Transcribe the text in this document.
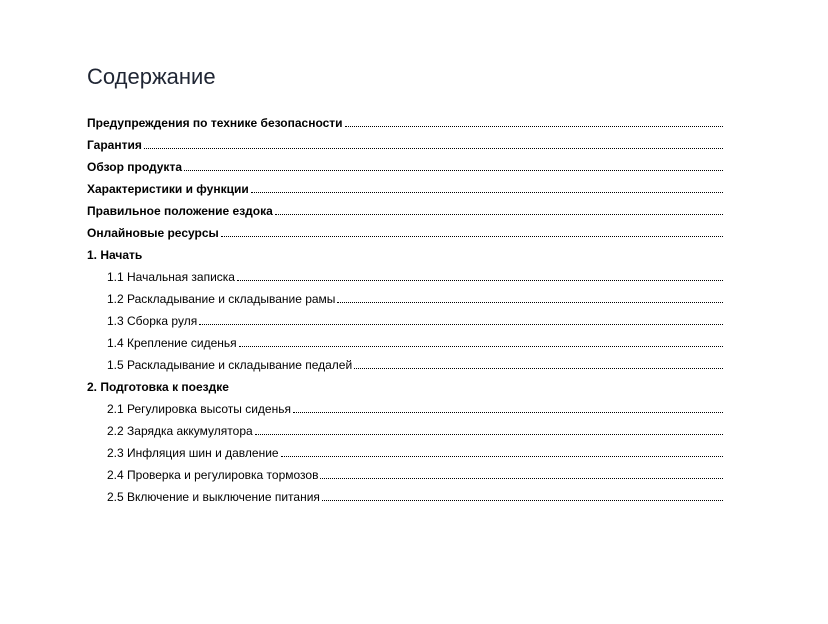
Содержание
Предупреждения по технике безопасности
Гарантия
Обзор продукта
Характеристики и функции
Правильное положение ездока
Онлайновые ресурсы
1. Начать
1.1 Начальная записка
1.2 Раскладывание и складывание рамы
1.3 Сборка руля
1.4 Крепление сиденья
1.5 Раскладывание и складывание педалей
2. Подготовка к поездке
2.1 Регулировка высоты сиденья
2.2 Зарядка аккумулятора
2.3 Инфляция шин и давление
2.4 Проверка и регулировка тормозов
2.5 Включение и выключение питания
